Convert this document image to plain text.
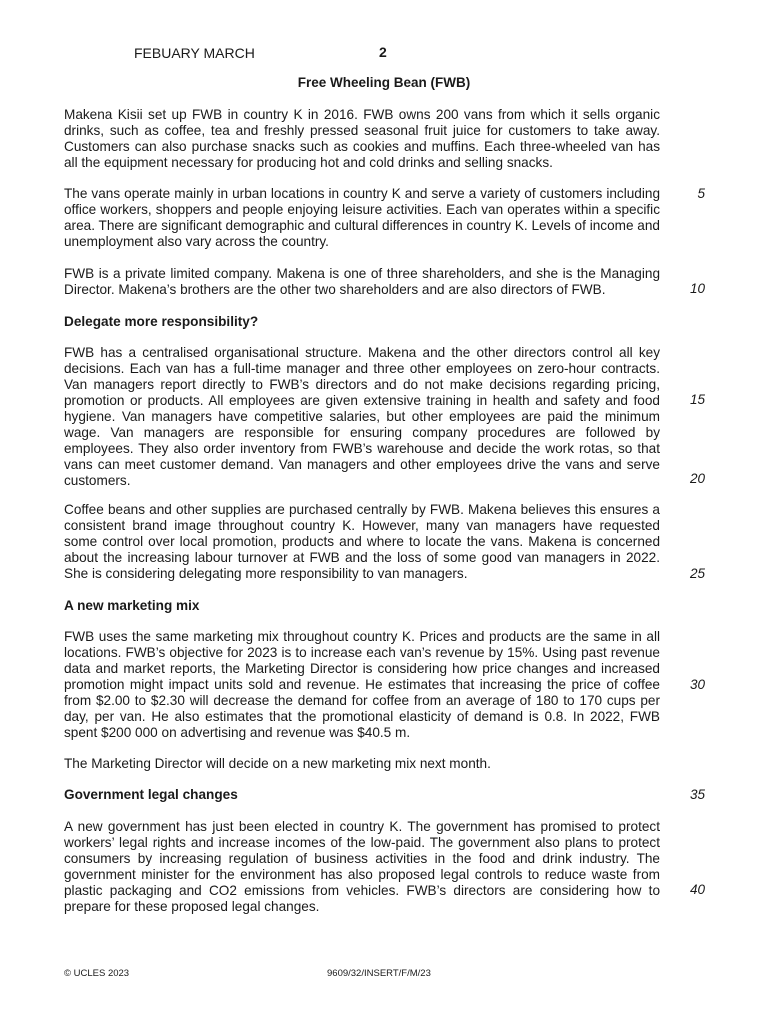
FEBUARY MARCH	2
Free Wheeling Bean (FWB)

Makena Kisii set up FWB in country K in 2016. FWB owns 200 vans from which it sells organic drinks, such as coffee, tea and freshly pressed seasonal fruit juice for customers to take away. Customers can also purchase snacks such as cookies and muffins. Each three-wheeled van has all the equipment necessary for producing hot and cold drinks and selling snacks.

The vans operate mainly in urban locations in country K and serve a variety of customers including office workers, shoppers and people enjoying leisure activities. Each van operates within a specific area. There are significant demographic and cultural differences in country K. Levels of income and unemployment also vary across the country.

FWB is a private limited company. Makena is one of three shareholders, and she is the Managing Director. Makena’s brothers are the other two shareholders and are also directors of FWB.

Delegate more responsibility?

FWB has a centralised organisational structure. Makena and the other directors control all key decisions. Each van has a full-time manager and three other employees on zero-hour contracts. Van managers report directly to FWB’s directors and do not make decisions regarding pricing, promotion or products. All employees are given extensive training in health and safety and food hygiene. Van managers have competitive salaries, but other employees are paid the minimum wage. Van managers are responsible for ensuring company procedures are followed by employees. They also order inventory from FWB’s warehouse and decide the work rotas, so that vans can meet customer demand. Van managers and other employees drive the vans and serve customers.

Coffee beans and other supplies are purchased centrally by FWB. Makena believes this ensures a consistent brand image throughout country K. However, many van managers have requested some control over local promotion, products and where to locate the vans. Makena is concerned about the increasing labour turnover at FWB and the loss of some good van managers in 2022. She is considering delegating more responsibility to van managers.

A new marketing mix

FWB uses the same marketing mix throughout country K. Prices and products are the same in all locations. FWB’s objective for 2023 is to increase each van’s revenue by 15%. Using past revenue data and market reports, the Marketing Director is considering how price changes and increased promotion might impact units sold and revenue. He estimates that increasing the price of coffee from $2.00 to $2.30 will decrease the demand for coffee from an average of 180 to 170 cups per day, per van. He also estimates that the promotional elasticity of demand is 0.8. In 2022, FWB spent $200 000 on advertising and revenue was $40.5 m.

The Marketing Director will decide on a new marketing mix next month.

Government legal changes

A new government has just been elected in country K. The government has promised to protect workers’ legal rights and increase incomes of the low-paid. The government also plans to protect consumers by increasing regulation of business activities in the food and drink industry. The government minister for the environment has also proposed legal controls to reduce waste from plastic packaging and CO2 emissions from vehicles. FWB’s directors are considering how to prepare for these proposed legal changes.

5
10
15
20
25
30
35
40
© UCLES 2023	9609/32/INSERT/F/M/23
